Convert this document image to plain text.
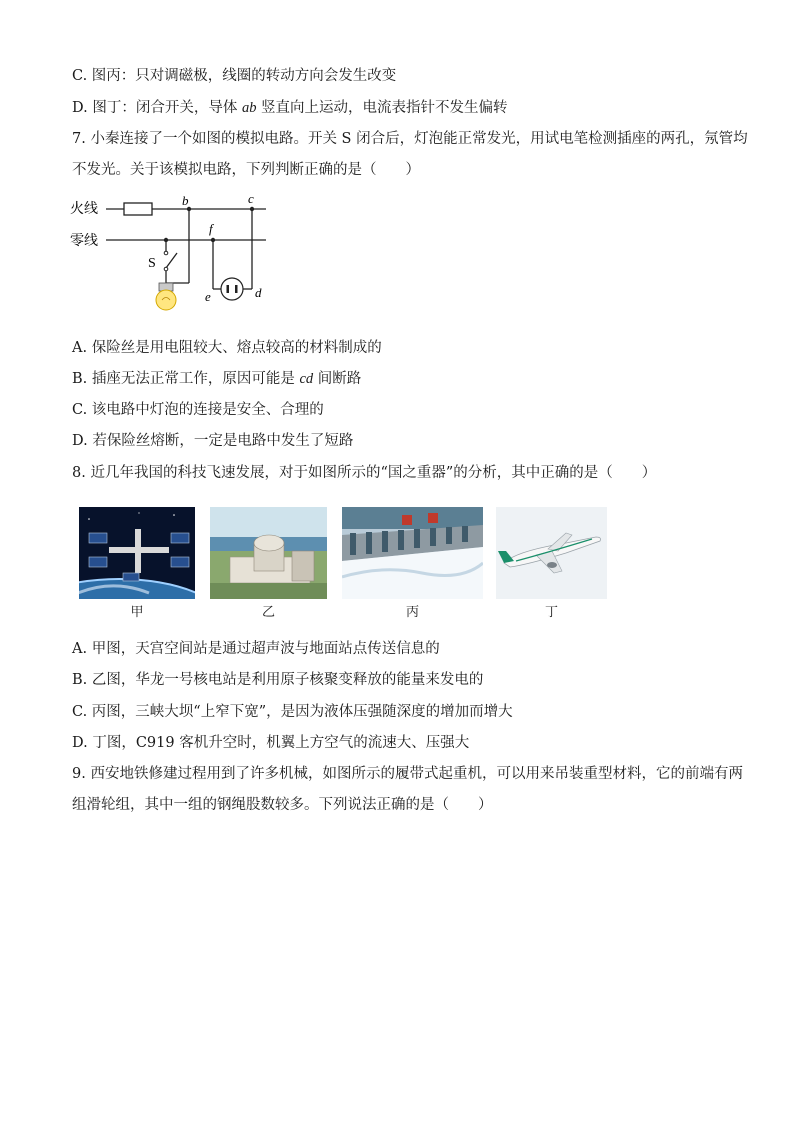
C. 图丙：只对调磁极，线圈的转动方向会发生改变
D. 图丁：闭合开关，导体 ab 竖直向上运动，电流表指针不发生偏转
7. 小秦连接了一个如图的模拟电路。开关 S 闭合后，灯泡能正常发光，用试电笔检测插座的两孔，氖管均
不发光。关于该模拟电路，下列判断正确的是（　　）
火线
零线
b
S
f
e
c
d
A. 保险丝是用电阻较大、熔点较高的材料制成的
B. 插座无法正常工作，原因可能是 cd 间断路
C. 该电路中灯泡的连接是安全、合理的
D. 若保险丝熔断，一定是电路中发生了短路
8. 近几年我国的科技飞速发展，对于如图所示的“国之重器”的分析，其中正确的是（　　）
甲	乙	丙	丁
A. 甲图，天宫空间站是通过超声波与地面站点传送信息的
B. 乙图，华龙一号核电站是利用原子核聚变释放的能量来发电的
C. 丙图，三峡大坝“上窄下宽”，是因为液体压强随深度的增加而增大
D. 丁图，C919 客机升空时，机翼上方空气的流速大、压强大
9. 西安地铁修建过程用到了许多机械，如图所示的履带式起重机，可以用来吊装重型材料，它的前端有两
组滑轮组，其中一组的钢绳股数较多。下列说法正确的是（　　）
